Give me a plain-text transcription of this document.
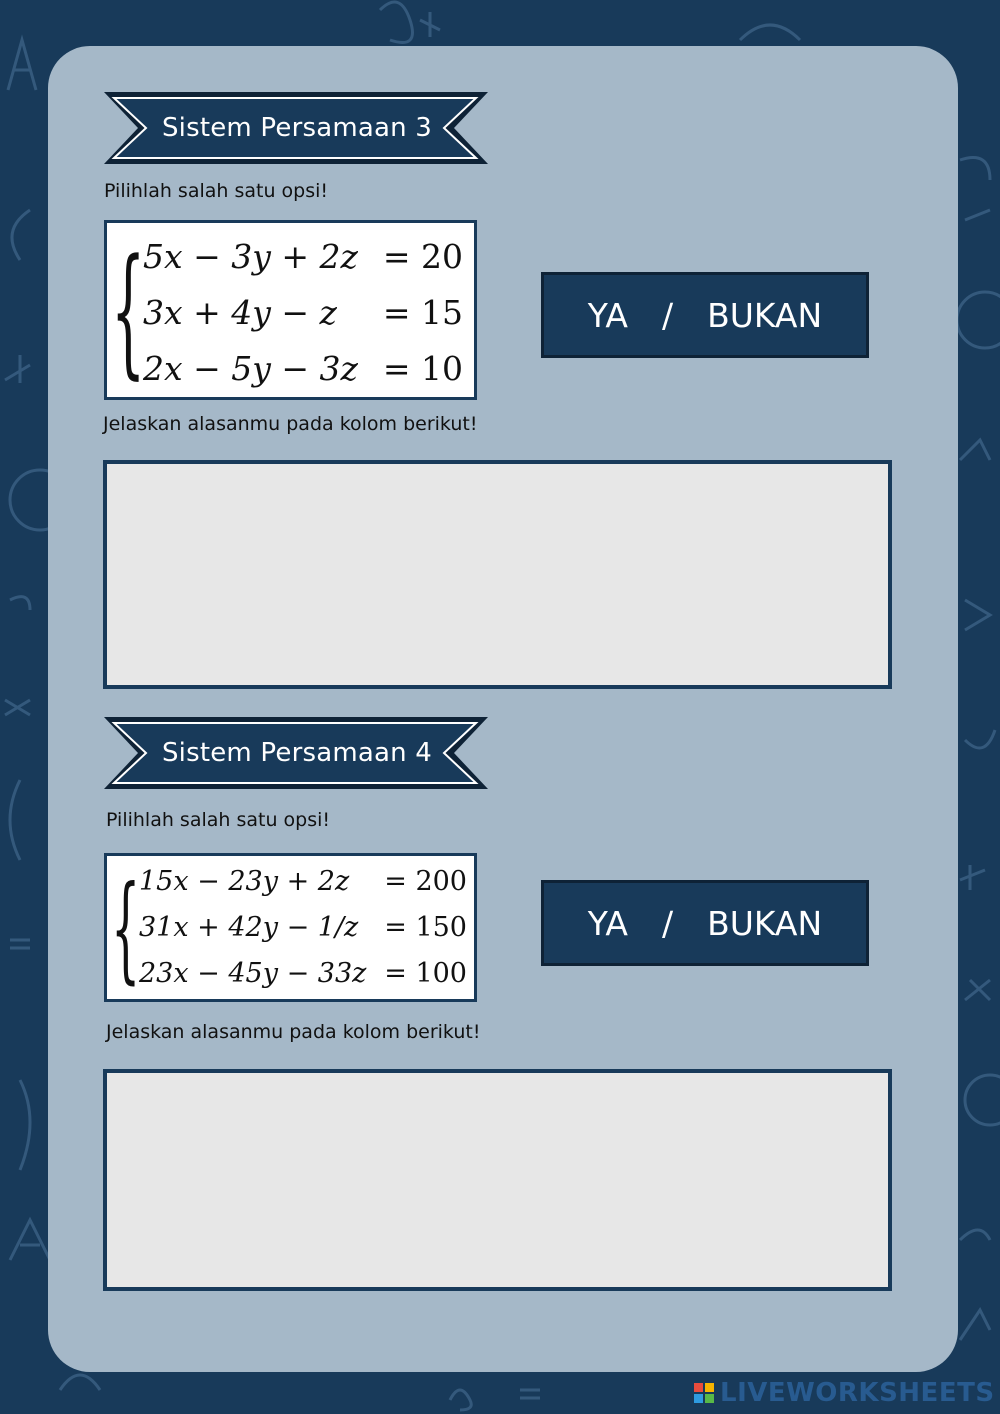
Sistem Persamaan 3
Pilihlah salah satu opsi!
{
5x − 3y + 2z = 20
3x + 4y − z = 15
2x − 5y − 3z = 10
YA / BUKAN
Jelaskan alasanmu pada kolom berikut!
Sistem Persamaan 4
Pilihlah salah satu opsi!
{
15x − 23y + 2z = 200
31x + 42y − 1/z = 150
23x − 45y − 33z = 100
YA / BUKAN
Jelaskan alasanmu pada kolom berikut!
LIVEWORKSHEETS
